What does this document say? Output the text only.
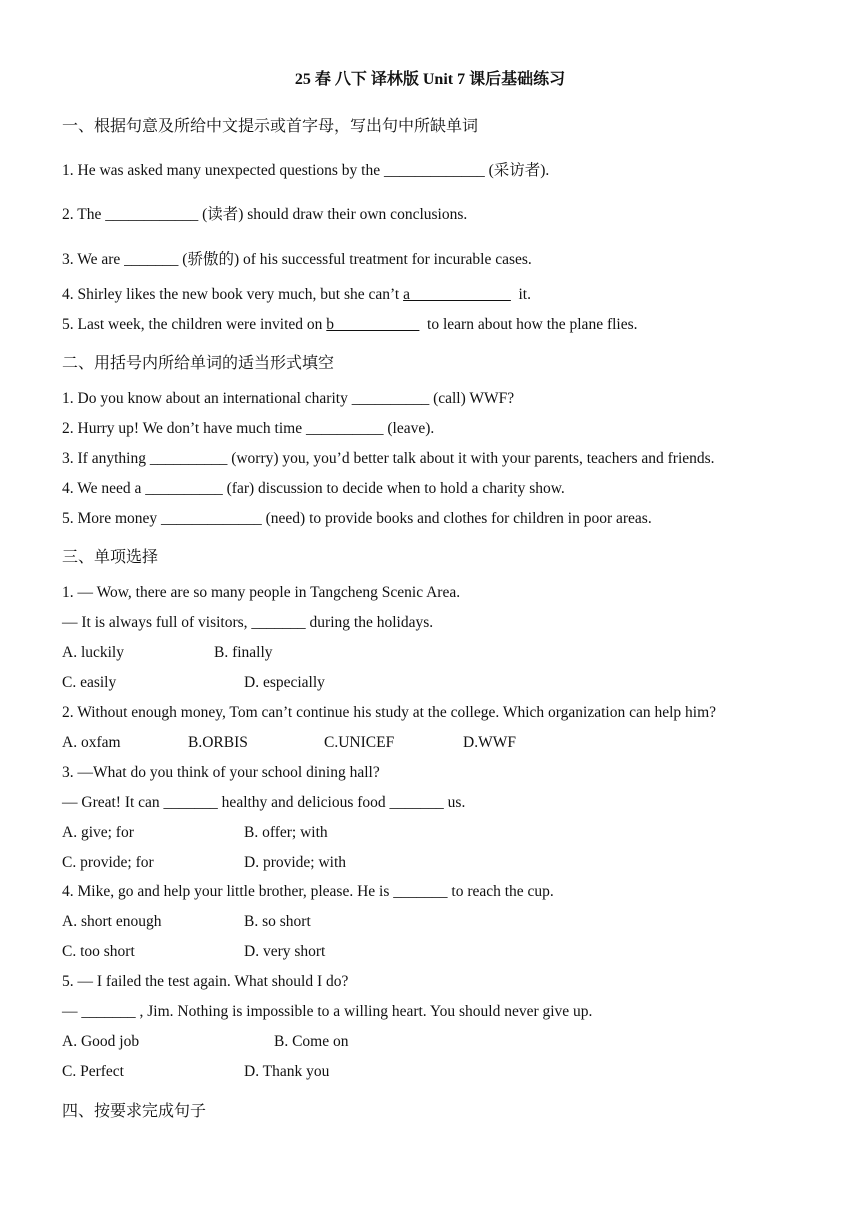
25 春 八下 译林版 Unit 7 课后基础练习
一、根据句意及所给中文提示或首字母，写出句中所缺单词
1. He was asked many unexpected questions by the _____________ (采访者).
2. The ____________ (读者) should draw their own conclusions.
3. We are _______ (骄傲的) of his successful treatment for incurable cases.
4. Shirley likes the new book very much, but she can’t a_____________  it.
5. Last week, the children were invited on b___________  to learn about how the plane flies.
二、用括号内所给单词的适当形式填空
1. Do you know about an international charity __________ (call) WWF?
2. Hurry up! We don’t have much time __________ (leave).
3. If anything __________ (worry) you, you’d better talk about it with your parents, teachers and friends.
4. We need a __________ (far) discussion to decide when to hold a charity show.
5. More money _____________ (need) to provide books and clothes for children in poor areas.
三、单项选择
1. — Wow, there are so many people in Tangcheng Scenic Area.
— It is always full of visitors, _______ during the holidays.
A. luckily	B. finally
C. easily	D. especially
2. Without enough money, Tom can’t continue his study at the college. Which organization can help him?
A. oxfam	B.ORBIS	C.UNICEF	D.WWF
3. —What do you think of your school dining hall?
— Great! It can _______ healthy and delicious food _______ us.
A. give; for	B. offer; with
C. provide; for	D. provide; with
4. Mike, go and help your little brother, please. He is _______ to reach the cup.
A. short enough	B. so short
C. too short	D. very short
5. — I failed the test again. What should I do?
— _______ , Jim. Nothing is impossible to a willing heart. You should never give up.
A. Good job	B. Come on
C. Perfect	D. Thank you
四、按要求完成句子
